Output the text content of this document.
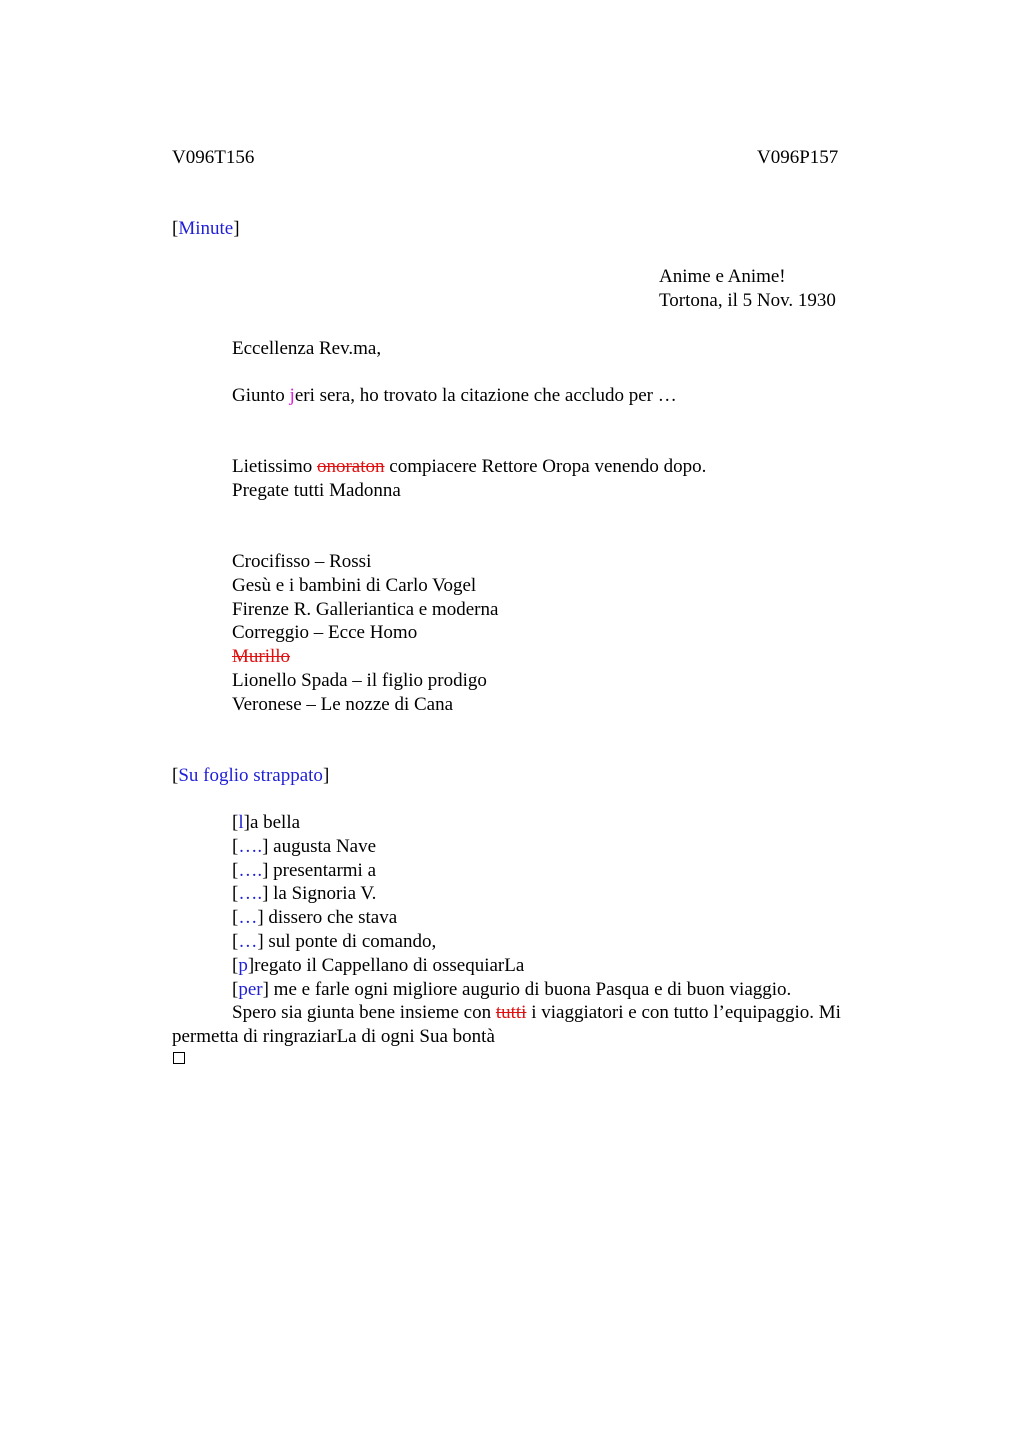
V096T156	V096P157
[Minute]
Anime e Anime!
Tortona, il 5 Nov. 1930
Eccellenza Rev.ma,
Giunto jeri sera, ho trovato la citazione che accludo per …
Lietissimo onoraton compiacere Rettore Oropa venendo dopo.
Pregate tutti Madonna
Crocifisso – Rossi
Gesù e i bambini di Carlo Vogel
Firenze R. Galleriantica e moderna
Correggio – Ecce Homo
Murillo
Lionello Spada – il figlio prodigo
Veronese – Le nozze di Cana
[Su foglio strappato]
[l]a bella
[….] augusta Nave
[….] presentarmi a
[….] la Signoria V.
[…] dissero che stava
[…] sul ponte di comando,
[p]regato il Cappellano di ossequiarLa
[per] me e farle ogni migliore augurio di buona Pasqua e di buon viaggio.
Spero sia giunta bene insieme con tutti i viaggiatori e con tutto l’equipaggio. Mi
permetta di ringraziarLa di ogni Sua bontà
